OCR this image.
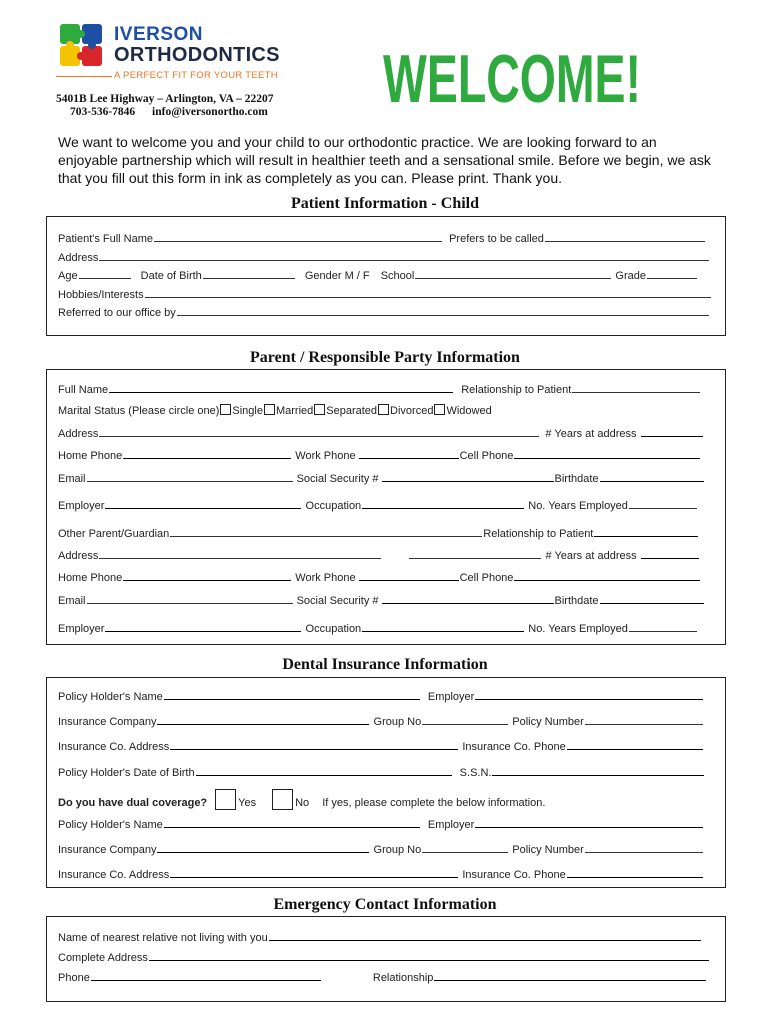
IVERSON
ORTHODONTICS
A PERFECT FIT FOR YOUR TEETH
5401B Lee Highway – Arlington, VA – 22207
703-536-7846 info@iversonortho.com WELCOME!
We want to welcome you and your child to our orthodontic practice. We are looking forward to an enjoyable partnership which will result in healthier teeth and a sensational smile. Before we begin, we ask that you fill out this form in ink as completely as you can. Please print. Thank you.
Patient Information - Child
Patient's Full Name	Prefers to be called
Address
Age	Date of Birth	Gender M / F School	Grade
Hobbies/Interests
Referred to our office by
Parent / Responsible Party Information
Full Name	Relationship to Patient
Marital Status (Please circle one) Single Married Separated Divorced Widowed
Address	# Years at address
Home Phone	Work Phone	Cell Phone
Email	Social Security #	Birthdate
Employer	Occupation	No. Years Employed
Other Parent/Guardian	Relationship to Patient
Address	# Years at address
Home Phone	Work Phone	Cell Phone
Email	Social Security #	Birthdate
Employer	Occupation	No. Years Employed
Dental Insurance Information
Policy Holder's Name	Employer
Insurance Company	Group No	Policy Number
Insurance Co. Address	Insurance Co. Phone
Policy Holder's Date of Birth	S.S.N.
Do you have dual coverage?	Yes	No If yes, please complete the below information.
Policy Holder's Name	Employer
Insurance Company	Group No	Policy Number
Insurance Co. Address	Insurance Co. Phone
Emergency Contact Information
Name of nearest relative not living with you
Complete Address
Phone	Relationship
